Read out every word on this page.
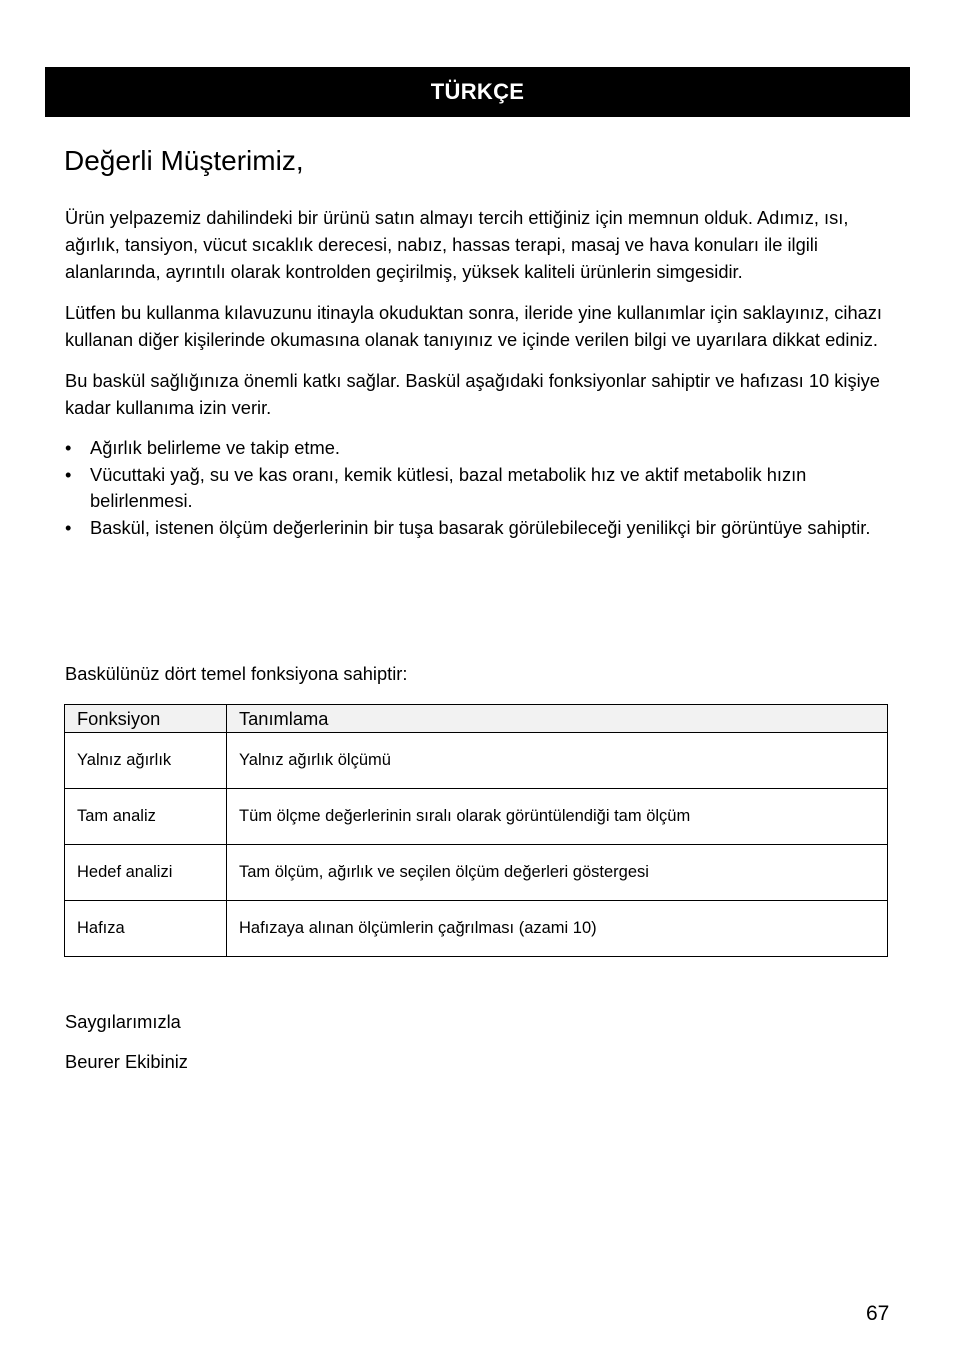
TÜRKÇE
Değerli Müşterimiz,

Ürün yelpazemiz dahilindeki bir ürünü satın almayı tercih ettiğiniz için memnun olduk. Adımız, ısı, ağırlık, tansiyon, vücut sıcaklık derecesi, nabız, hassas terapi, masaj ve hava konuları ile ilgili alanlarında, ayrıntılı olarak kontrolden geçirilmiş, yüksek kaliteli ürünlerin simgesidir.

Lütfen bu kullanma kılavuzunu itinayla okuduktan sonra, ileride yine kullanımlar için saklayınız, cihazı kullanan diğer kişilerinde okumasına olanak tanıyınız ve içinde verilen bilgi ve uyarılara dikkat ediniz.

Bu baskül sağlığınıza önemli katkı sağlar. Baskül aşağıdaki fonksiyonlar sahiptir ve hafızası 10 kişiye kadar kullanıma izin verir.

• Ağırlık belirleme ve takip etme.
• Vücuttaki yağ, su ve kas oranı, kemik kütlesi, bazal metabolik hız ve aktif metabolik hızın belirlenmesi.
• Baskül, istenen ölçüm değerlerinin bir tuşa basarak görülebileceği yenilikçi bir görüntüye sahiptir.

Baskülünüz dört temel fonksiyona sahiptir:

Fonksiyon	Tanımlama
Yalnız ağırlık	Yalnız ağırlık ölçümü
Tam analiz	Tüm ölçme değerlerinin sıralı olarak görüntülendiği tam ölçüm
Hedef analizi	Tam ölçüm, ağırlık ve seçilen ölçüm değerleri göstergesi
Hafıza	Hafızaya alınan ölçümlerin çağrılması (azami 10)

Saygılarımızla

Beurer Ekibiniz

67
